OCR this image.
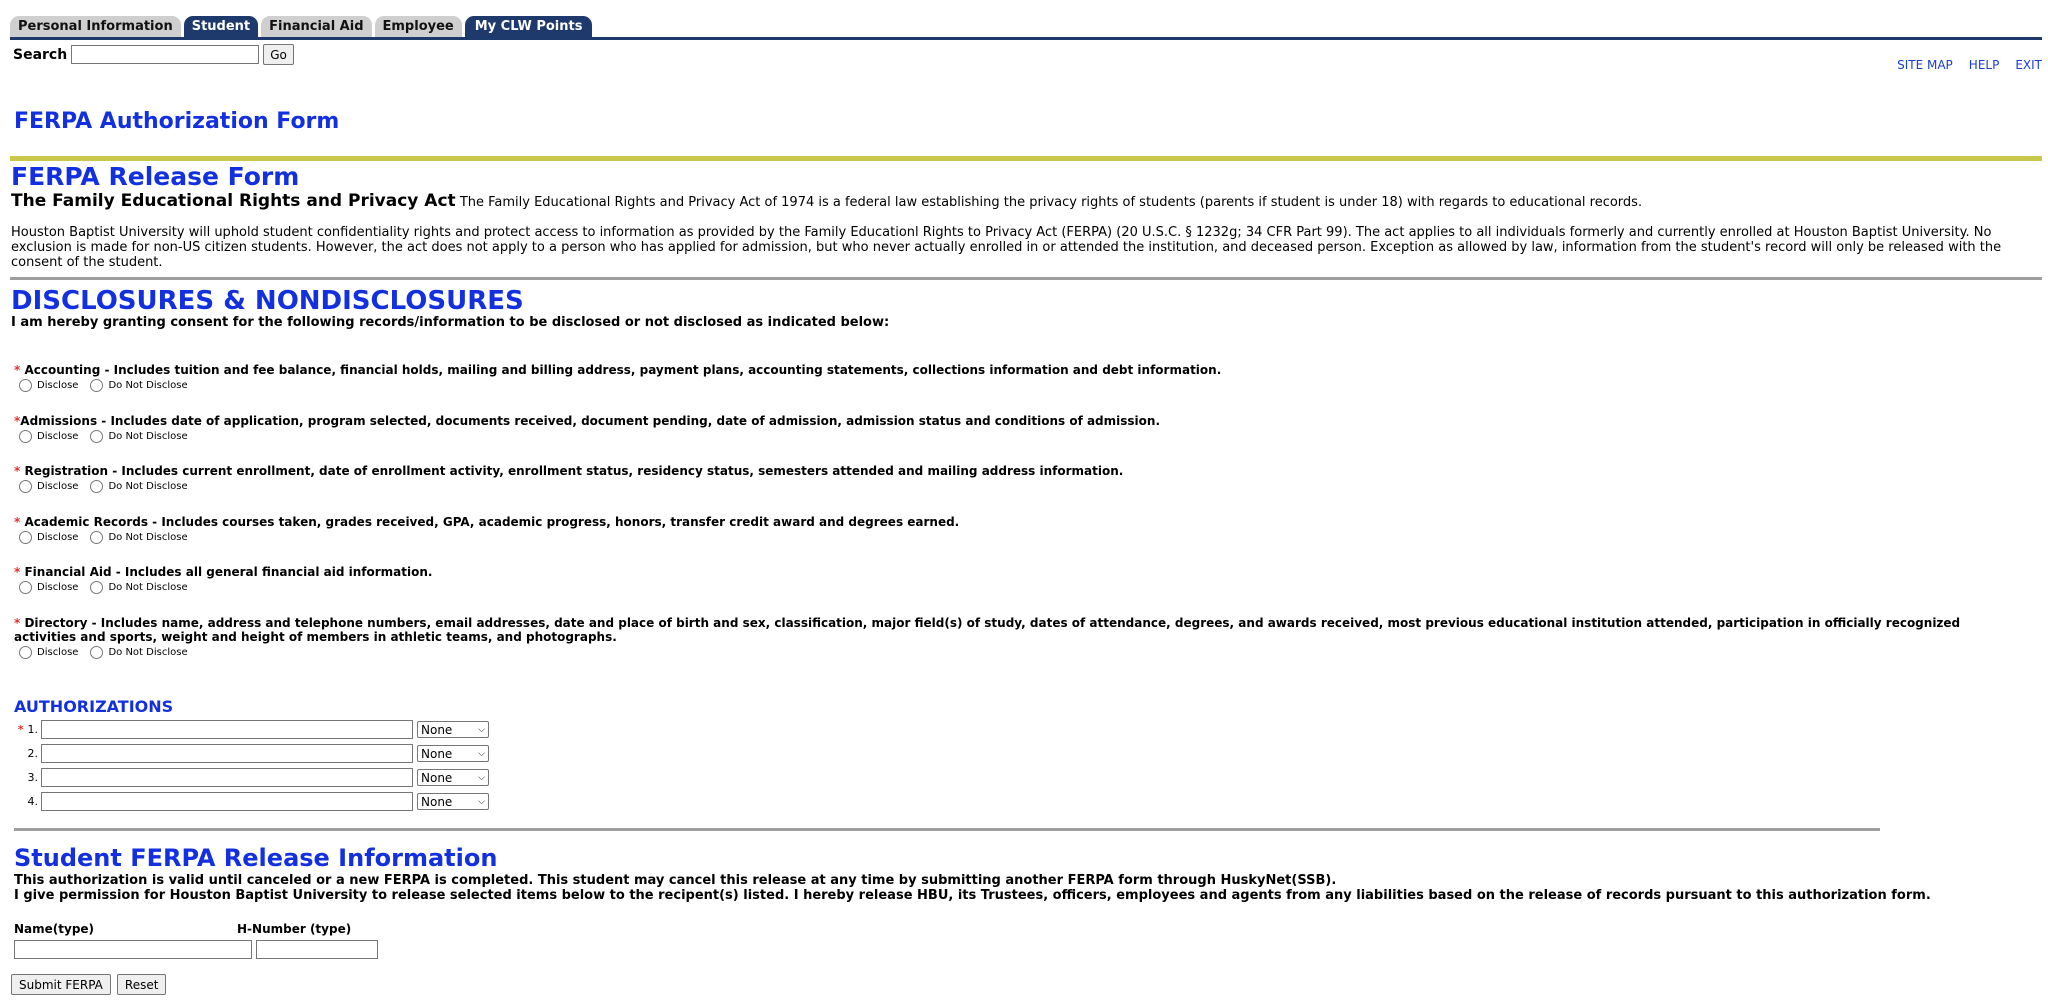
Personal Information	Student	Financial Aid	Employee	My CLW Points
Search	Go
SITE MAP HELP EXIT
FERPA Authorization Form
FERPA Release Form
The Family Educational Rights and Privacy Act The Family Educational Rights and Privacy Act of 1974 is a federal law establishing the privacy rights of students (parents if student is under 18) with regards to educational records.
Houston Baptist University will uphold student confidentiality rights and protect access to information as provided by the Family Educationl Rights to Privacy Act (FERPA) (20 U.S.C. § 1232g; 34 CFR Part 99). The act applies to all individuals formerly and currently enrolled at Houston Baptist University. No exclusion is made for non-US citizen students. However, the act does not apply to a person who has applied for admission, but who never actually enrolled in or attended the institution, and deceased person. Exception as allowed by law, information from the student's record will only be released with the consent of the student.
DISCLOSURES & NONDISCLOSURES
I am hereby granting consent for the following records/information to be disclosed or not disclosed as indicated below:
* Accounting - Includes tuition and fee balance, financial holds, mailing and billing address, payment plans, accounting statements, collections information and debt information.
Disclose	Do Not Disclose
*Admissions - Includes date of application, program selected, documents received, document pending, date of admission, admission status and conditions of admission.
Disclose	Do Not Disclose
* Registration - Includes current enrollment, date of enrollment activity, enrollment status, residency status, semesters attended and mailing address information.
Disclose	Do Not Disclose
* Academic Records - Includes courses taken, grades received, GPA, academic progress, honors, transfer credit award and degrees earned.
Disclose	Do Not Disclose
* Financial Aid - Includes all general financial aid information.
Disclose	Do Not Disclose
* Directory - Includes name, address and telephone numbers, email addresses, date and place of birth and sex, classification, major field(s) of study, dates of attendance, degrees, and awards received, most previous educational institution attended, participation in officially recognized activities and sports, weight and height of members in athletic teams, and photographs.
Disclose	Do Not Disclose
AUTHORIZATIONS
* 1.	None	⌵
2.	None	⌵
3.	None	⌵
4.	None	⌵
Student FERPA Release Information
This authorization is valid until canceled or a new FERPA is completed. This student may cancel this release at any time by submitting another FERPA form through HuskyNet(SSB).
I give permission for Houston Baptist University to release selected items below to the recipent(s) listed. I hereby release HBU, its Trustees, officers, employees and agents from any liabilities based on the release of records pursuant to this authorization form.
Name(type)	H-Number (type)
Submit FERPA	Reset
